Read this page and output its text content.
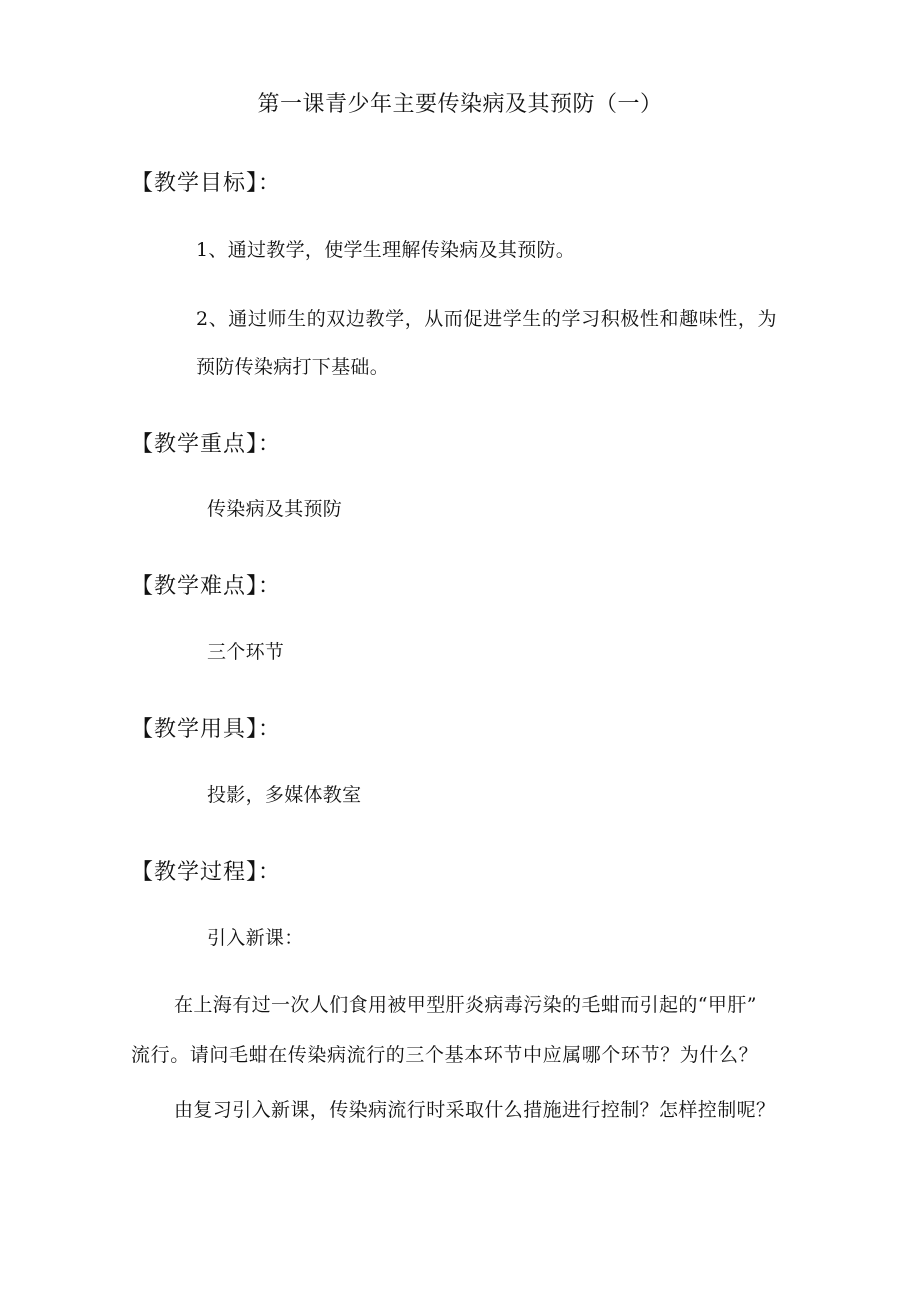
第一课青少年主要传染病及其预防（一）
【教学目标】：
1、通过教学，使学生理解传染病及其预防。
2、通过师生的双边教学，从而促进学生的学习积极性和趣味性，为
预防传染病打下基础。
【教学重点】：
传染病及其预防
【教学难点】：
三个环节
【教学用具】：
投影，多媒体教室
【教学过程】：
引入新课：
在上海有过一次人们食用被甲型肝炎病毒污染的毛蚶而引起的“甲肝”
流行。请问毛蚶在传染病流行的三个基本环节中应属哪个环节？为什么？
由复习引入新课，传染病流行时采取什么措施进行控制？怎样控制呢？
